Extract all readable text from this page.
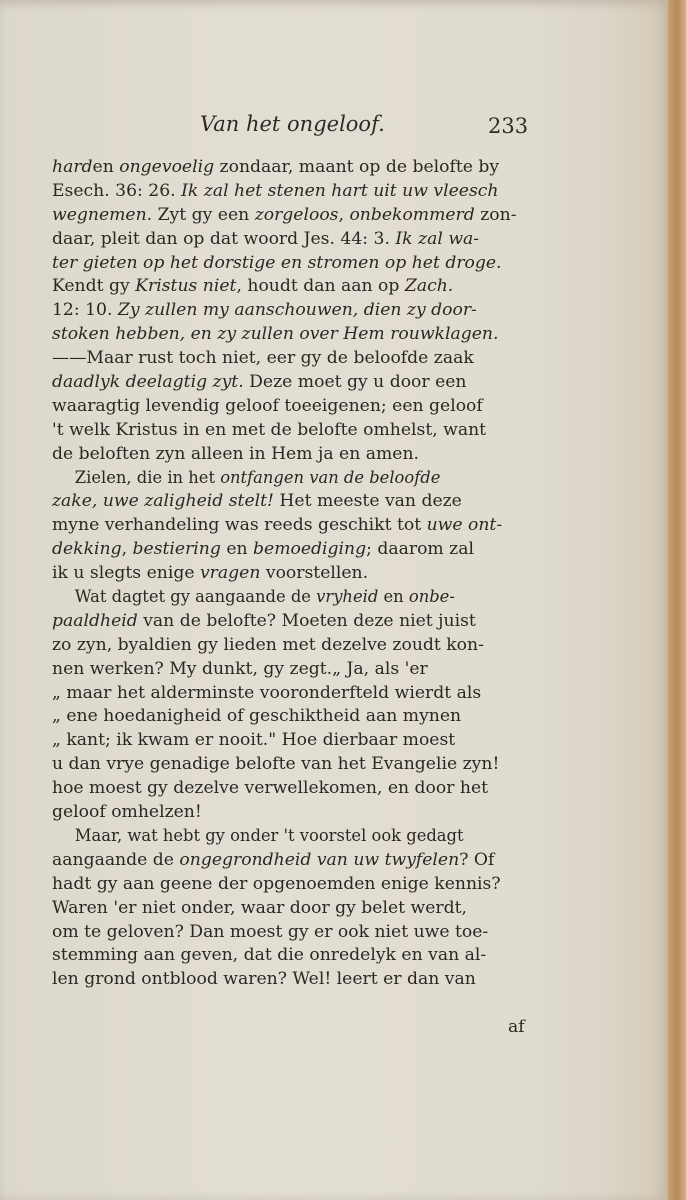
Van het ongeloof.	233
harden ongevoelig zondaar, maant op de belofte by
Esech. 36: 26. Ik zal het stenen hart uit uw vleesch
wegnemen. Zyt gy een zorgeloos, onbekommerd zon-
daar, pleit dan op dat woord Jes. 44: 3. Ik zal wa-
ter gieten op het dorstige en stromen op het droge.
Kendt gy Kristus niet, houdt dan aan op Zach.
12: 10. Zy zullen my aanschouwen, dien zy door-
stoken hebben, en zy zullen over Hem rouwklagen.
——Maar rust toch niet, eer gy de beloofde zaak
daadlyk deelagtig zyt. Deze moet gy u door een
waaragtig levendig geloof toeeigenen; een geloof
't welk Kristus in en met de belofte omhelst, want
de beloften zyn alleen in Hem ja en amen.
Zielen, die in het ontfangen van de beloofde
zake, uwe zaligheid stelt! Het meeste van deze
myne verhandeling was reeds geschikt tot uwe ont-
dekking, bestiering en bemoediging; daarom zal
ik u slegts enige vragen voorstellen.
Wat dagtet gy aangaande de vryheid en onbe-
paaldheid van de belofte? Moeten deze niet juist
zo zyn, byaldien gy lieden met dezelve zoudt kon-
nen werken? My dunkt, gy zegt.„ Ja, als 'er
„ maar het alderminste vooronderfteld wierdt als
„ ene hoedanigheid of geschiktheid aan mynen
„ kant; ik kwam er nooit." Hoe dierbaar moest
u dan vrye genadige belofte van het Evangelie zyn!
hoe moest gy dezelve verwellekomen, en door het
geloof omhelzen!
Maar, wat hebt gy onder 't voorstel ook gedagt
aangaande de ongegrondheid van uw twyfelen? Of
hadt gy aan geene der opgenoemden enige kennis?
Waren 'er niet onder, waar door gy belet werdt,
om te geloven? Dan moest gy er ook niet uwe toe-
stemming aan geven, dat die onredelyk en van al-
len grond ontblood waren? Wel! leert er dan van
af
